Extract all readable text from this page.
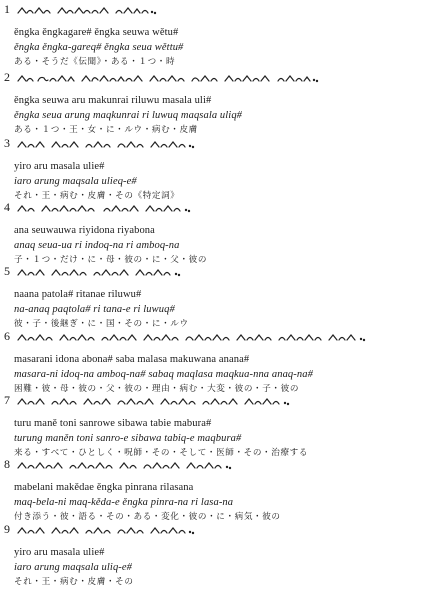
1
ěngka ěngkagare# ěngka seuwa wětu#
ěngka ěngka-gareq# ěngka seua wěttu#
ある・そうだ《伝聞》・ある・１つ・時
2
ěngka seuwa aru makunrai riluwu masala uli#
ěngka seua arung maqkunrai ri luwuq maqsala uliq#
ある・１つ・王・女・に・ルウ・病む・皮膚
3
yiro aru masala ulie#
iaro arung maqsala ulieq-e#
それ・王・病む・皮膚・その《特定詞》
4
ana seuwauwa riyidona riyabona
anaq seua-ua ri indoq-na ri amboq-na
子・１つ・だけ・に・母・彼の・に・父・彼の
5
naana patola# ritanae riluwu#
na-anaq paqtola# ri tana-e ri luwuq#
彼・子・後継ぎ・に・国・その・に・ルウ
6
masarani idona abona# saba malasa makuwana anana#
masara-ni idoq-na amboq-na# sabaq maqlasa maqkua-nna anaq-na#
困難・彼・母・彼の・父・彼の・理由・病む・大変・彼の・子・彼の
7
turu maně toni sanrowe sibawa tabie mabura#
turung maněn toni sanro-e sibawa tabiq-e maqbura#
来る・すべて・ひとしく・呪師・その・そして・医師・その・治療する
8
mabelani makědae ěngka pinrana rilasana
maq-bela-ni maq-kěda-e ěngka pinra-na ri lasa-na
付き添う・彼・語る・その・ある・変化・彼の・に・病気・彼の
9
yiro aru masala ulie#
iaro arung maqsala uliq-e#
それ・王・病む・皮膚・その
